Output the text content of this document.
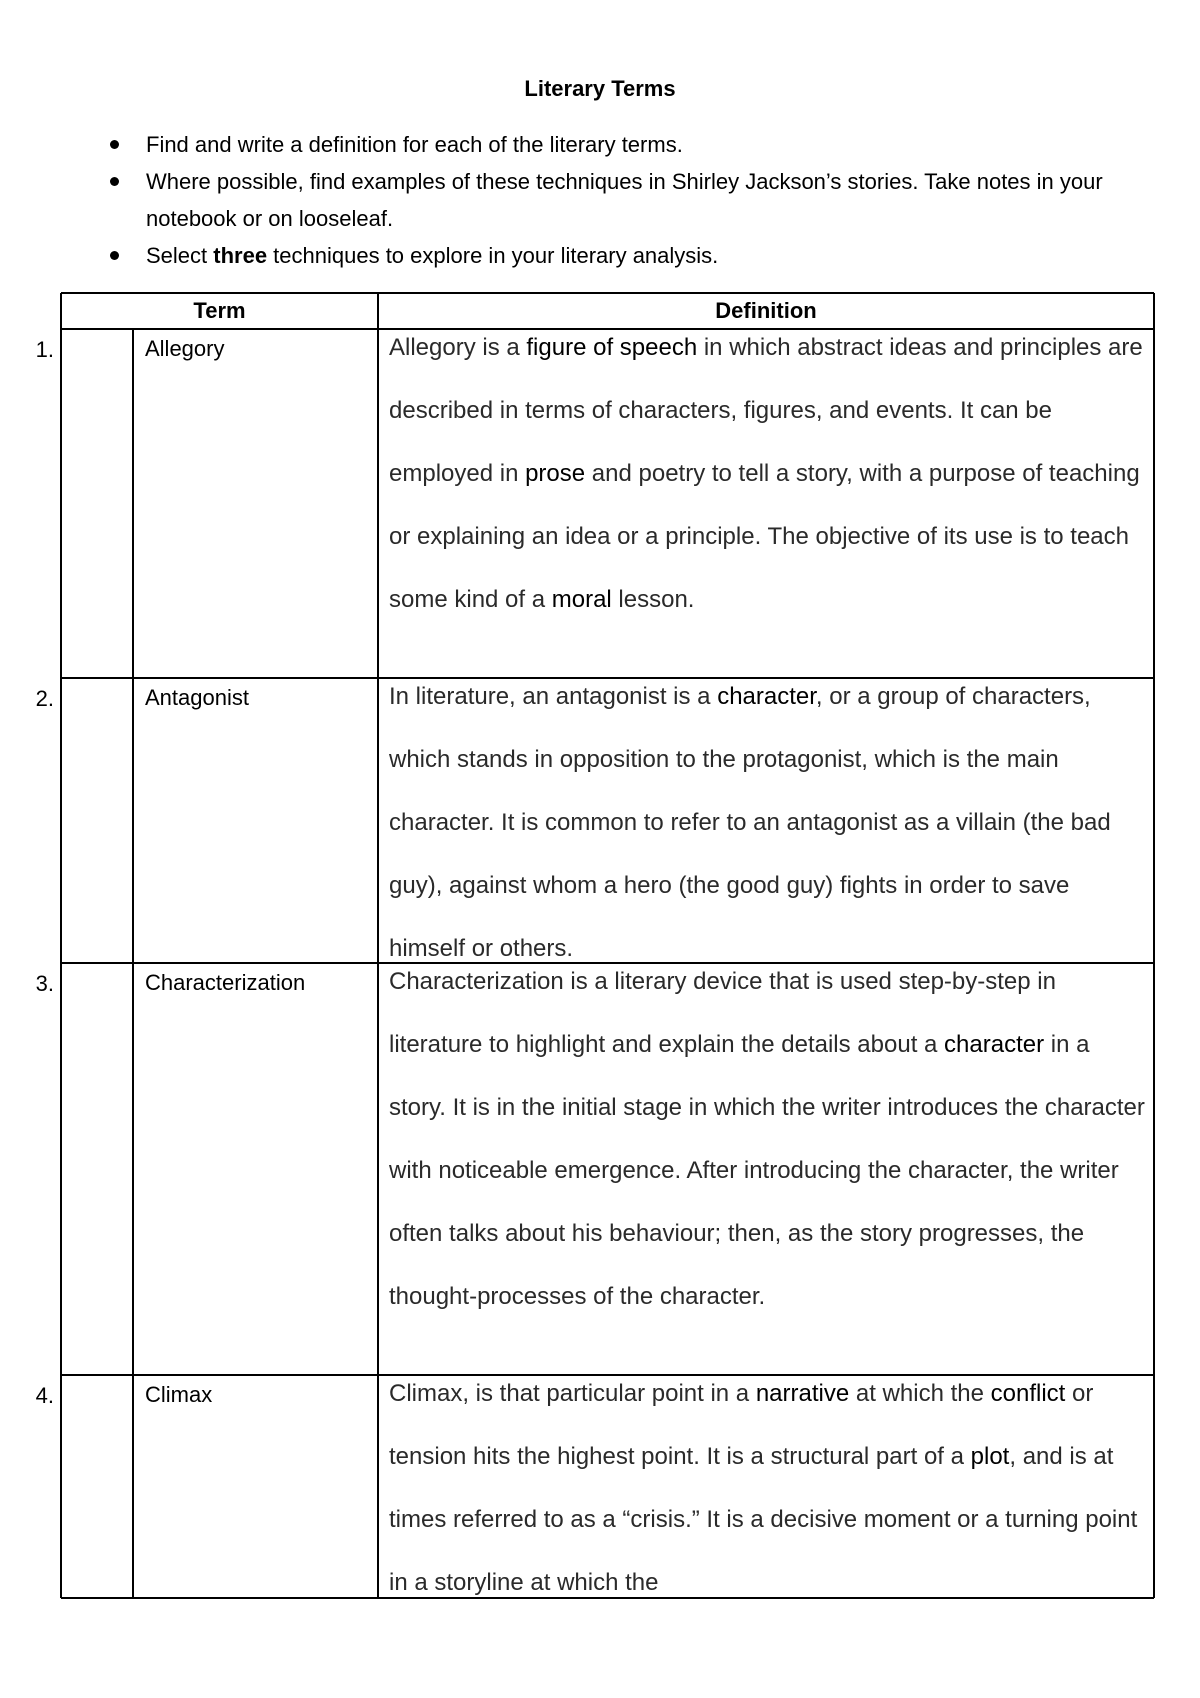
Literary Terms
Find and write a definition for each of the literary terms.
Where possible, find examples of these techniques in Shirley Jackson’s stories. Take notes in your notebook or on looseleaf.
Select three techniques to explore in your literary analysis.
Term	Definition
1.	Allegory	Allegory is a figure of speech in which abstract ideas and principles are described in terms of characters, figures, and events. It can be employed in prose and poetry to tell a story, with a purpose of teaching or explaining an idea or a principle. The objective of its use is to teach some kind of a moral lesson.

2.	Antagonist	In literature, an antagonist is a character, or a group of characters, which stands in opposition to the protagonist, which is the main character. It is common to refer to an antagonist as a villain (the bad guy), against whom a hero (the good guy) fights in order to save himself or others.

3.	Characterization	Characterization is a literary device that is used step-by-step in literature to highlight and explain the details about a character in a story. It is in the initial stage in which the writer introduces the character with noticeable emergence. After introducing the character, the writer often talks about his behaviour; then, as the story progresses, the thought-processes of the character.

4.	Climax	Climax, is that particular point in a narrative at which the conflict or tension hits the highest point. It is a structural part of a plot, and is at times referred to as a “crisis.” It is a decisive moment or a turning point in a storyline at which the
